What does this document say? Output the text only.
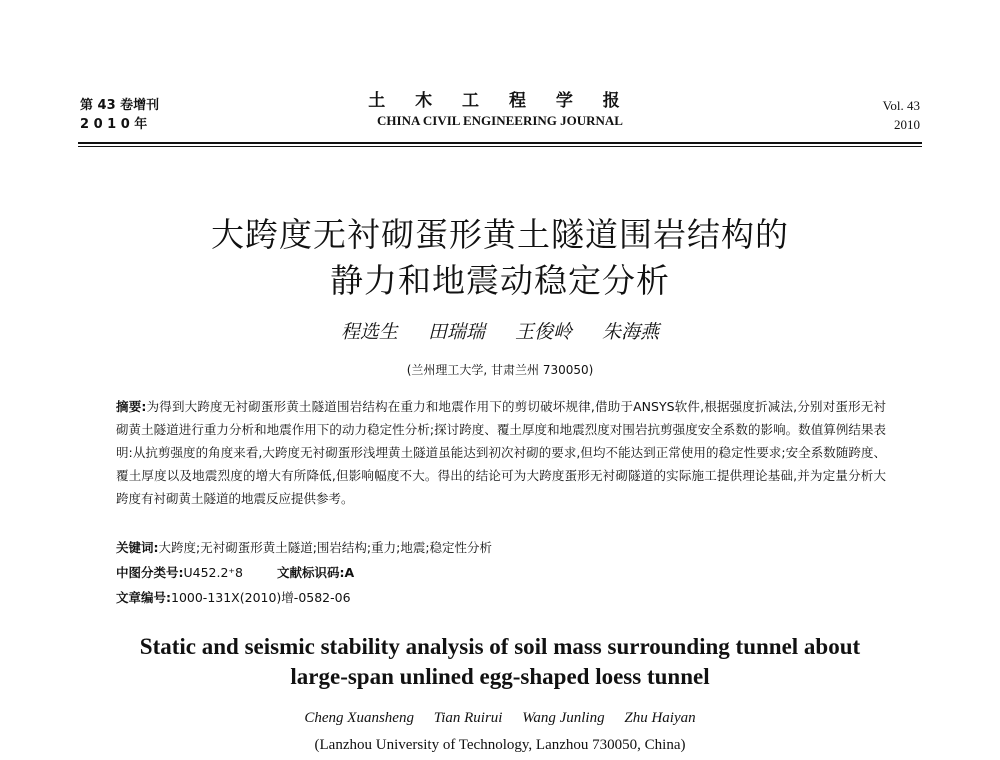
第 43 卷增刊
2 0 1 0 年
土 木 工 程 学 报
CHINA CIVIL ENGINEERING JOURNAL
Vol. 43
2010
大跨度无衬砌蛋形黄土隧道围岩结构的
静力和地震动稳定分析
程选生 田瑞瑞 王俊岭 朱海燕
(兰州理工大学, 甘肃兰州 730050)
摘要:为得到大跨度无衬砌蛋形黄土隧道围岩结构在重力和地震作用下的剪切破坏规律,借助于ANSYS软件,根据强度折减法,分别对蛋形无衬砌黄土隧道进行重力分析和地震作用下的动力稳定性分析;探讨跨度、覆土厚度和地震烈度对围岩抗剪强度安全系数的影响。数值算例结果表明:从抗剪强度的角度来看,大跨度无衬砌蛋形浅埋黄土隧道虽能达到初次衬砌的要求,但均不能达到正常使用的稳定性要求;安全系数随跨度、覆土厚度以及地震烈度的增大有所降低,但影响幅度不大。得出的结论可为大跨度蛋形无衬砌隧道的实际施工提供理论基础,并为定量分析大跨度有衬砌黄土隧道的地震反应提供参考。
关键词:大跨度;无衬砌蛋形黄土隧道;围岩结构;重力;地震;稳定性分析
中图分类号:U452.2⁺8	文献标识码:A
文章编号:1000-131X(2010)增-0582-06
Static and seismic stability analysis of soil mass surrounding tunnel about
large-span unlined egg-shaped loess tunnel
Cheng Xuansheng Tian Ruirui Wang Junling Zhu Haiyan
(Lanzhou University of Technology, Lanzhou 730050, China)
